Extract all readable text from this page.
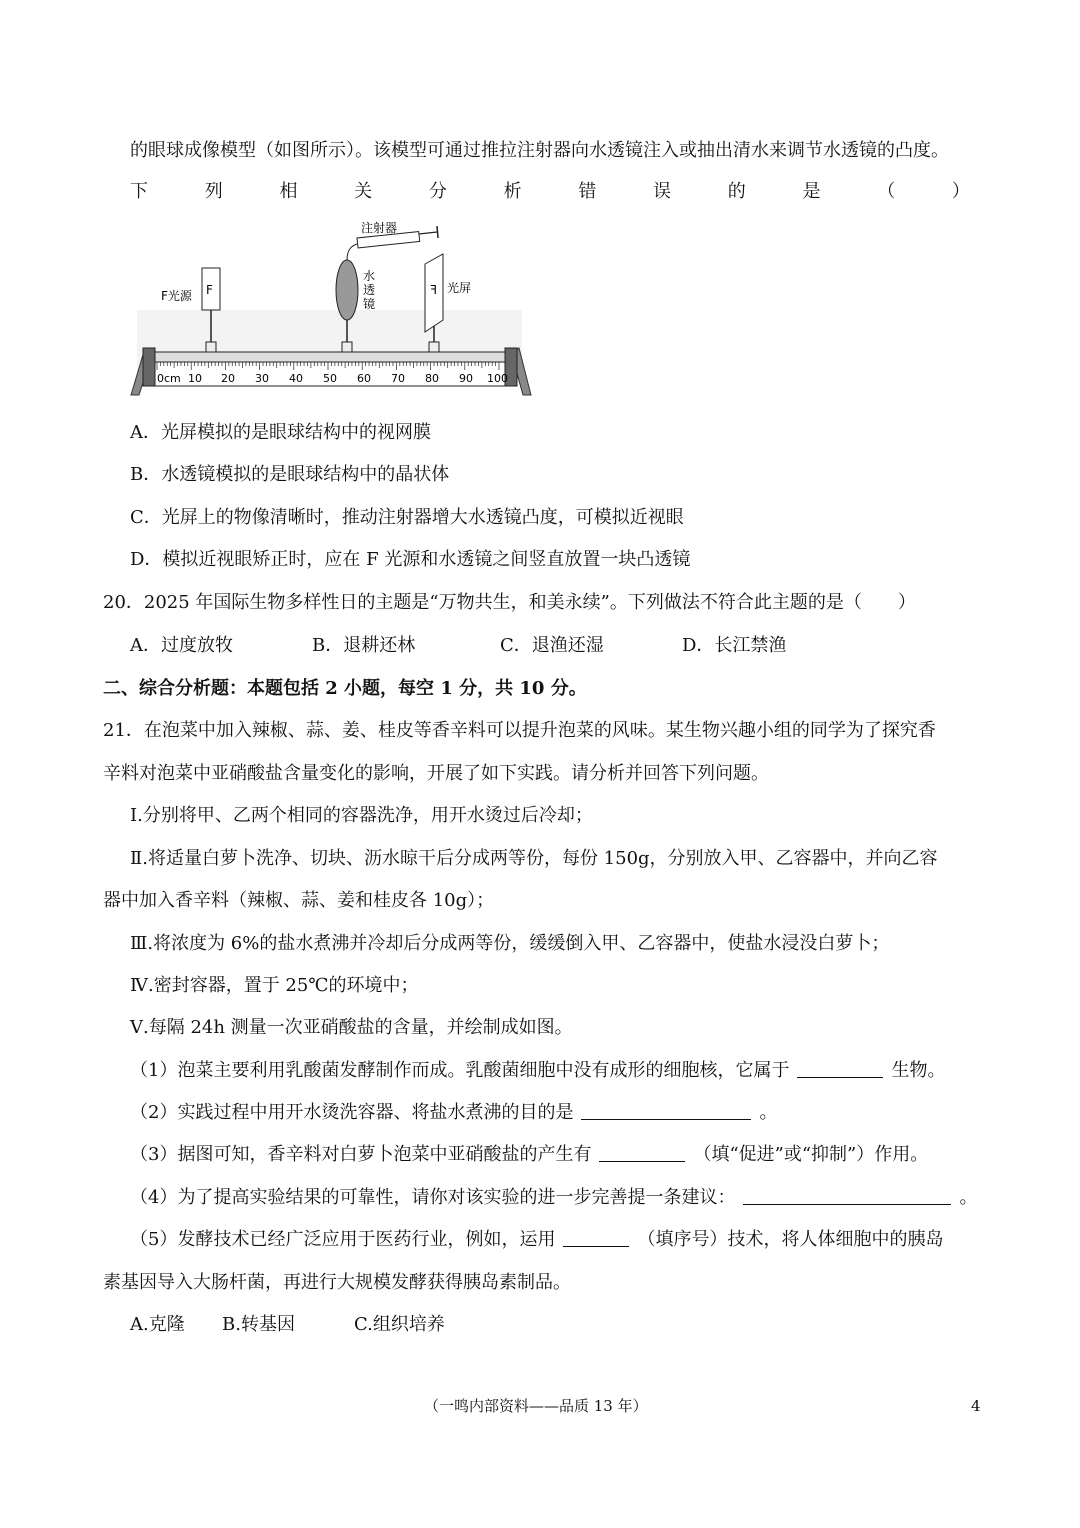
的眼球成像模型（如图所示）。该模型可通过推拉注射器向水透镜注入或抽出清水来调节水透镜的凸度。
下	列	相	关	分	析	错	误	的	是	（	）
0cm 10 20 30 40 50 60 70 80 90 100
F
F光源
水
透
镜
注射器
F 光屏
A．光屏模拟的是眼球结构中的视网膜
B．水透镜模拟的是眼球结构中的晶状体
C．光屏上的物像清晰时，推动注射器增大水透镜凸度，可模拟近视眼
D．模拟近视眼矫正时，应在 F 光源和水透镜之间竖直放置一块凸透镜
20．2025 年国际生物多样性日的主题是“万物共生，和美永续”。下列做法不符合此主题的是（　　）
A．过度放牧	B．退耕还林	C．退渔还湿	D．长江禁渔
二、综合分析题：本题包括 2 小题，每空 1 分，共 10 分。
21．在泡菜中加入辣椒、蒜、姜、桂皮等香辛料可以提升泡菜的风味。某生物兴趣小组的同学为了探究香
辛料对泡菜中亚硝酸盐含量变化的影响，开展了如下实践。请分析并回答下列问题。
Ⅰ.分别将甲、乙两个相同的容器洗净，用开水烫过后冷却；
Ⅱ.将适量白萝卜洗净、切块、沥水晾干后分成两等份，每份 150g，分别放入甲、乙容器中，并向乙容
器中加入香辛料（辣椒、蒜、姜和桂皮各 10g）；
Ⅲ.将浓度为 6%的盐水煮沸并冷却后分成两等份，缓缓倒入甲、乙容器中，使盐水浸没白萝卜；
Ⅳ.密封容器，置于 25℃的环境中；
Ⅴ.每隔 24h 测量一次亚硝酸盐的含量，并绘制成如图。
（1）泡菜主要利用乳酸菌发酵制作而成。乳酸菌细胞中没有成形的细胞核，它属于	生物。
（2）实践过程中用开水烫洗容器、将盐水煮沸的目的是	。
（3）据图可知，香辛料对白萝卜泡菜中亚硝酸盐的产生有	（填“促进”或“抑制”）作用。
（4）为了提高实验结果的可靠性，请你对该实验的进一步完善提一条建议：	。
（5）发酵技术已经广泛应用于医药行业，例如，运用	（填序号）技术，将人体细胞中的胰岛
素基因导入大肠杆菌，再进行大规模发酵获得胰岛素制品。
A.克隆 B.转基因	C.组织培养
（一鸣内部资料——品质 13 年）	4
